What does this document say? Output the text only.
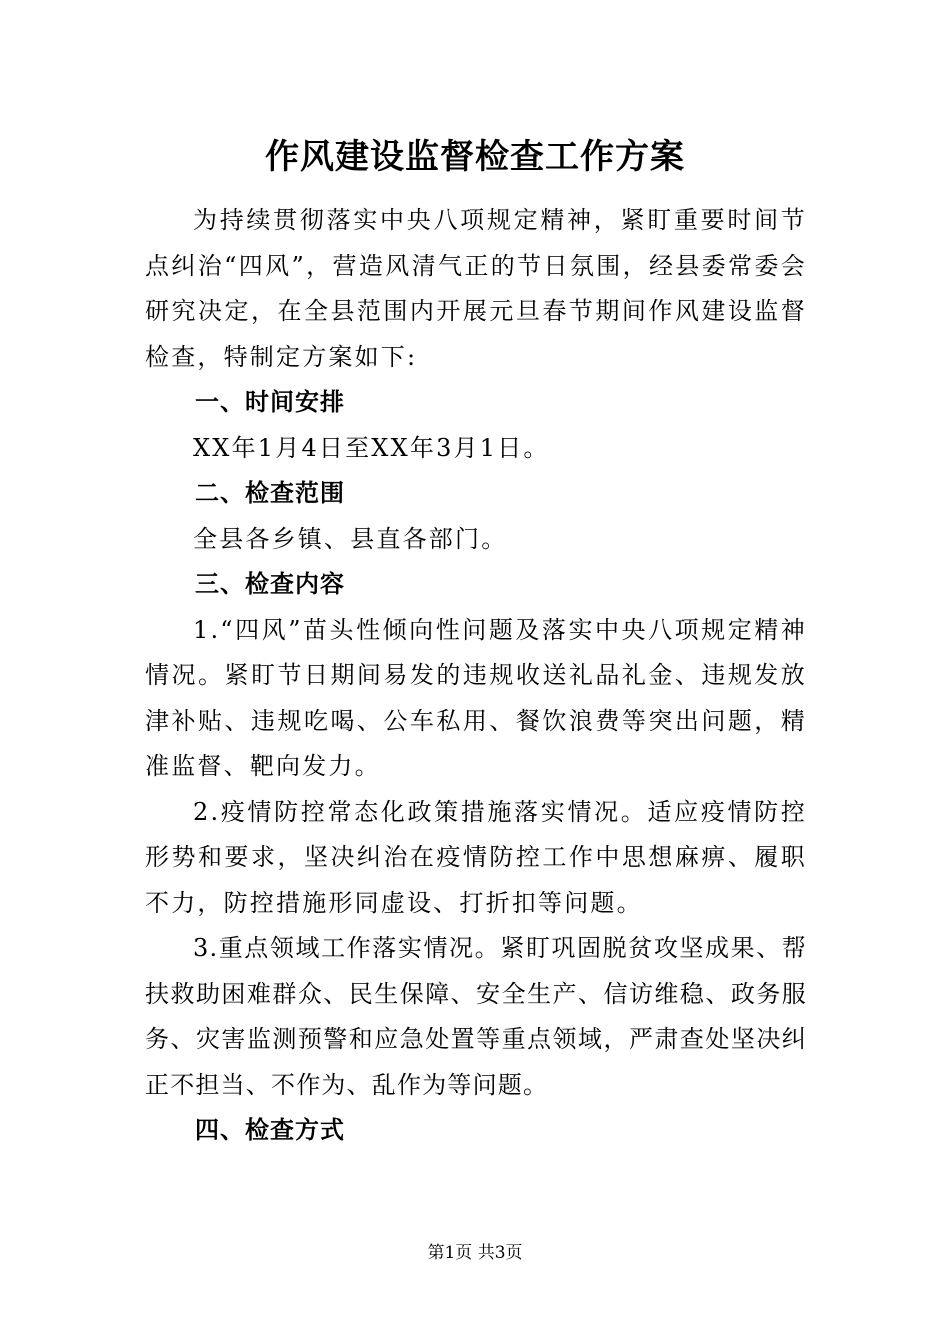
作风建设监督检查工作方案

为持续贯彻落实中央八项规定精神，紧盯重要时间节点纠治“四风”，营造风清气正的节日氛围，经县委常委会研究决定，在全县范围内开展元旦春节期间作风建设监督检查，特制定方案如下:

一、时间安排

XX年1月4日至XX年3月1日。

二、检查范围

全县各乡镇、县直各部门。

三、检查内容

1.“四风”苗头性倾向性问题及落实中央八项规定精神情况。紧盯节日期间易发的违规收送礼品礼金、违规发放津补贴、违规吃喝、公车私用、餐饮浪费等突出问题，精准监督、靶向发力。

2.疫情防控常态化政策措施落实情况。适应疫情防控形势和要求，坚决纠治在疫情防控工作中思想麻痹、履职不力，防控措施形同虚设、打折扣等问题。

3.重点领域工作落实情况。紧盯巩固脱贫攻坚成果、帮扶救助困难群众、民生保障、安全生产、信访维稳、政务服务、灾害监测预警和应急处置等重点领域，严肃查处坚决纠正不担当、不作为、乱作为等问题。

四、检查方式
第1页 共3页
